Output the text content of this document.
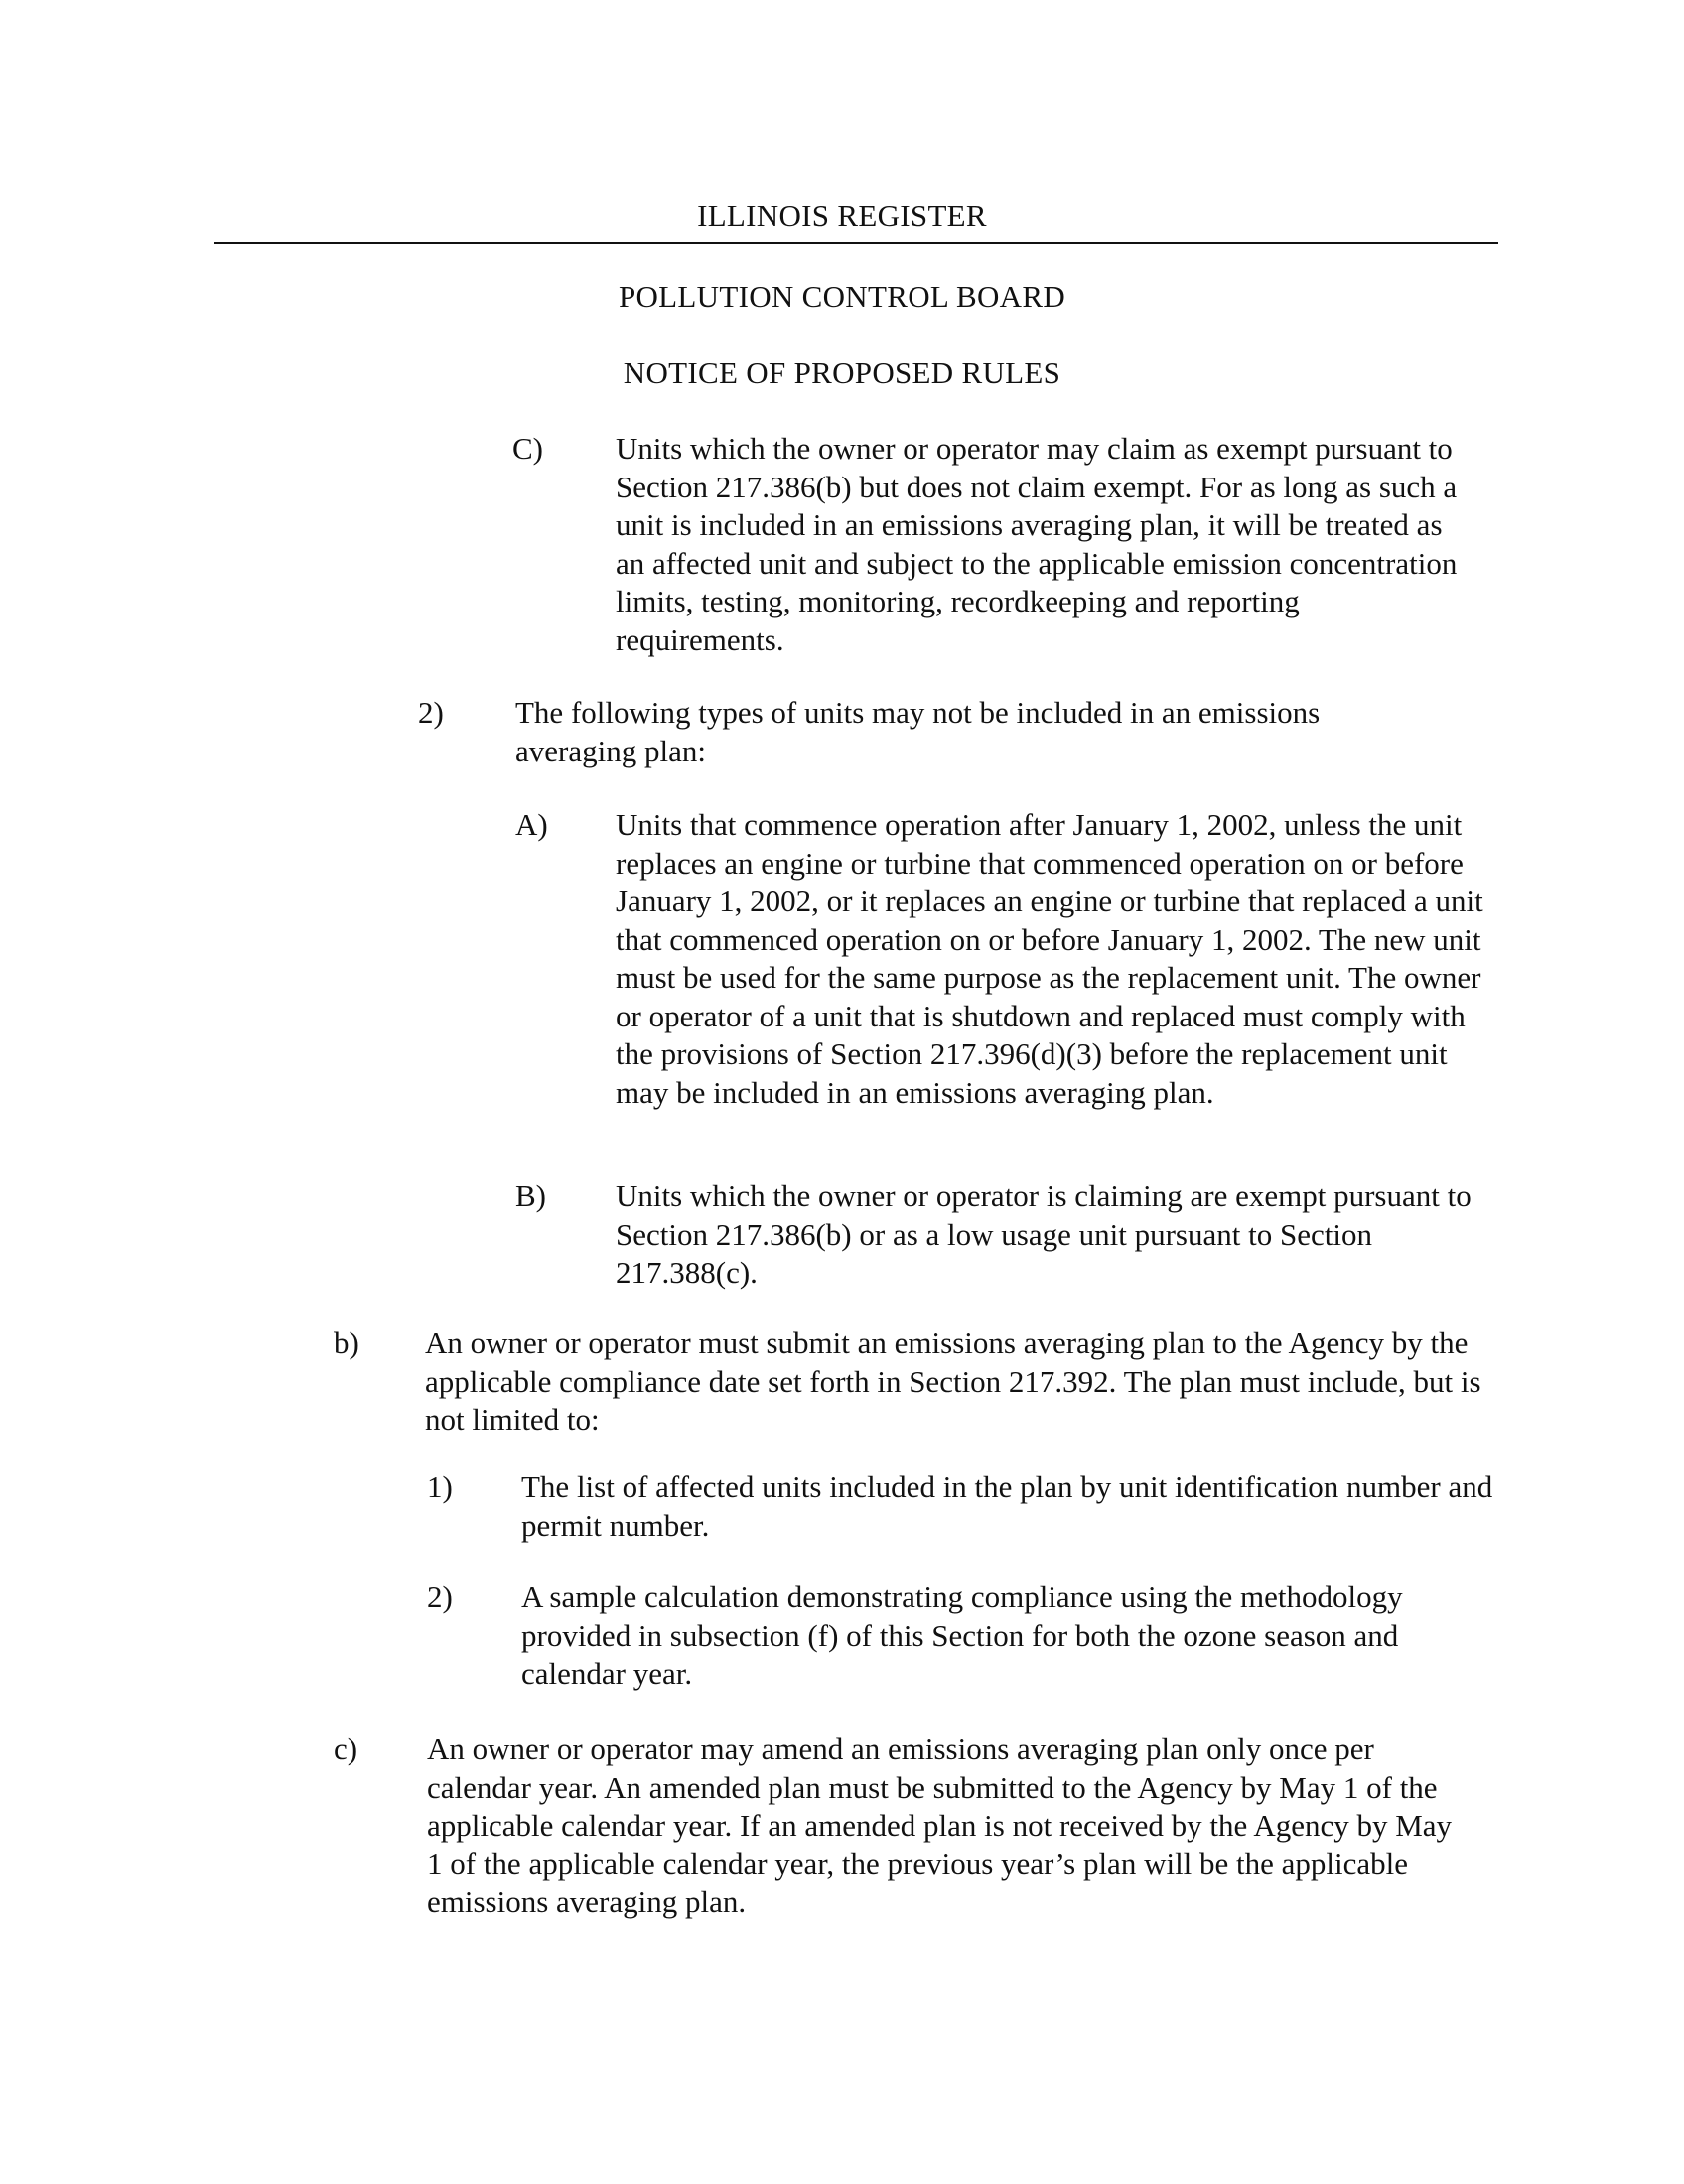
ILLINOIS REGISTER
POLLUTION CONTROL BOARD
NOTICE OF PROPOSED RULES
C) Units which the owner or operator may claim as exempt pursuant to Section 217.386(b) but does not claim exempt. For as long as such a unit is included in an emissions averaging plan, it will be treated as an affected unit and subject to the applicable emission concentration limits, testing, monitoring, recordkeeping and reporting requirements.
2) The following types of units may not be included in an emissions averaging plan:
A) Units that commence operation after January 1, 2002, unless the unit replaces an engine or turbine that commenced operation on or before January 1, 2002, or it replaces an engine or turbine that replaced a unit that commenced operation on or before January 1, 2002. The new unit must be used for the same purpose as the replacement unit. The owner or operator of a unit that is shutdown and replaced must comply with the provisions of Section 217.396(d)(3) before the replacement unit may be included in an emissions averaging plan.
B) Units which the owner or operator is claiming are exempt pursuant to Section 217.386(b) or as a low usage unit pursuant to Section 217.388(c).
b) An owner or operator must submit an emissions averaging plan to the Agency by the applicable compliance date set forth in Section 217.392. The plan must include, but is not limited to:
1) The list of affected units included in the plan by unit identification number and permit number.
2) A sample calculation demonstrating compliance using the methodology provided in subsection (f) of this Section for both the ozone season and calendar year.
c) An owner or operator may amend an emissions averaging plan only once per calendar year. An amended plan must be submitted to the Agency by May 1 of the applicable calendar year. If an amended plan is not received by the Agency by May 1 of the applicable calendar year, the previous year’s plan will be the applicable emissions averaging plan.
